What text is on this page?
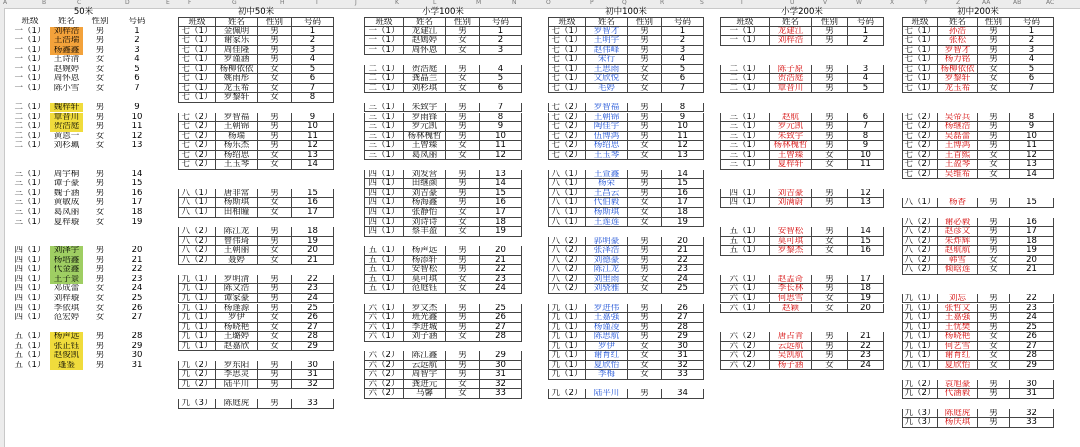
A	B	C	D	E	F	G	H	I	J	K	L	M	N	O	P	Q	R	S	T	U	V	W	X	Y	Z	AA	AB	AC
50米
班级	姓名	性别	号码
一（1） 刘梓浩	男	1
一（1） 王浩瑞	男	2
一（1） 杨鑫鑫	男	3
一（1） 王诗清	女	4
一（1） 赵婉婷	女	5
一（1） 周怀恩	女	6
一（1） 陈小雪	女	7
二（1） 魏梓轩	男	9
二（1） 覃晋川	男	10
二（1） 贺浩庭	男	11
二（1） 黄恩一	女	12
二（1） 刘杉珮	女	13
三（1） 周宇桐	男	14
三（1） 谭子豪	男	15
三（1） 魏子涵	男	16
三（1） 黄敏成	男	17
三（1） 葛凤丽	女	18
三（1） 夏梓璇	女	19
四（1） 刘泽宇	男	20
四（1） 杨培鑫	男	21
四（1） 代金鑫	男	22
四（1） 王子景	男	23
四（1） 邓成蕾	女	24
四（1） 刘梓璇	女	25
四（1） 李依琪	女	26
四（1） 范宏婷	女	27
五（1） 杨声远	男	28
五（1） 张正钰	男	29
五（1） 赵俊凯	男	30
五（1）	蓬鉴	男	31
初中50米
班级	姓名	性别	号码
七（1）	金佩明	男	1
七（1）	谢家乐	男	2
七（1）	周佳隆	男	3
七（1）	罗谨涵	男	4
七（1） 杨柳依依	女	5
七（1）	姚雨彤	女	6
七（1）	龙玉希	女	7
七（1）	罗黎轩	女	8
七（2）	罗智福	男	9
七（2）	王朝锦	男	10
七（2）	杨瑞	男	11
七（2）	杨乐杰	男	12
七（2）	杨绍思	女	13
七（2）	王玉琴	女	14
八（1）	唐非常	男	15
八（1）	杨斯琪	女	16
八（1）	田相瞳	女	17
八（2）	陈江龙	男	18
八（2）	曾伟琦	男	19
八（2）	王朝丽	女	20
八（2）	聂婷	女	21
九（1）	罗明清	男	22
九（1）	陈文浩	男	23
九（1）	谭家豪	男	24
九（1）	杨逢源	男	25
九（1）	罗伊	女	26
九（1）	杨晓艳	女	27
九（1）	王璐婷	女	28
九（1）	赵嘉欣	女	29
九（2）	罗东阳	男	30
九（2）	李思灵	男	31
九（2）	陆平川	男	32
九（3）	陈庭虎	男	33
小学100米
班级	姓名	性别	号码
一（1）	龙建江	男	1
一（1）	赵嫣婷	女	2
一（1）	周怀恩	女	3
二（1）	贺浩庭	男	4
二（1）	龚晶兰	女	5
二（1）	刘杉琪	女	6
三（1）	朱致宇	男	7
三（1）	罗雨锋	男	8
三（1）	罗元凯	男	9
三（1） 杨林槐哲	男	10
三（1）	王曾臻	女	11
三（1）	葛凤丽	女	12
四（1）	刘发营	男	13
四（1）	田继颜	男	14
四（1）	刘吉豪	男	15
四（1）	杨海鑫	男	16
四（1）	张静怡	女	17
四（1）	刘诗诗	女	18
四（1）	蔡丰盈	女	19
五（1）	杨声远	男	20
五（1）	杨添轩	男	21
五（1）	安智松	男	22
五（1）	莫可琪	女	23
五（1）	范庭钰	女	24
六（1）	罗文杰	男	25
六（1）	班光鑫	男	26
六（1）	李进城	男	27
六（1）	刘子涵	女	28
六（2）	陈江鑫	男	29
六（2）	云远航	男	30
六（2）	周智宇	男	31
六（2）	龚进元	女	32
六（2）	马馨	女	33
初中100米
班级	姓名	性别	号码
七（1）	罗智才	男	1
七（1）	王明宇	男	2
七（1）	赵伟峰	男	3
七（1）	宋行	男	4
七（1）	王思雨	女	5
七（1）	文欣悦	女	6
七（1）	毛婷	女	7
七（2）	罗智福	男	8
七（2）	王朝锦	男	9
七（2）	陶佳宇	男	10
七（2）	伍博鸿	男	11
七（2）	杨绍思	女	12
七（2）	王玉琴	女	13
八（1）	王萱鑫	男	14
八（1）	杨荣	男	15
八（1）	王昌云	男	16
八（1）	代伯毅	女	17
八（1）	杨斯琪	女	18
八（1）	王莲莲	女	19
八（2）	郭明豪	男	20
八（2）	张泽浩	男	21
八（2）	刘德豪	男	22
八（2）	陈江龙	男	23
八（2）	刘里雨	女	24
八（2）	刘骁雅	女	25
九（1）	罗进伟	男	26
九（1）	王嘉强	男	27
九（1）	杨谨凌	男	28
九（1）	陈思航	男	29
九（1）	罗伊	女	30
九（1）	谢育红	女	31
九（1）	夏欣怡	女	32
九（1）	李梅	女	33
九（2）	陆平川	男	34
小学200米
班级	姓名	性别	号码
一（1）	龙建江	男	1
一（1）	刘梓浩	男	2
二（1）	陈子原	男	3
二（1）	贺浩庭	男	4
二（1）	覃晋川	男	5
三（1）	赵航	男	6
三（1）	罗元凯	男	7
三（1）	朱致宇	男	8
三（1）	杨林槐哲	男	9
三（1）	王曾臻	女	10
三（1）	夏梓轩	女	11
四（1）	刘吉豪	男	12
四（1）	刘满蔚	男	13
五（1）	安智松	男	14
五（1）	莫可琪	女	15
五（1）	罗黎杰	女	16
六（1）	赵孟奇	男	17
六（1）	李长林	男	18
六（1）	何思雪	女	19
六（1）	赵颖	女	20
六（2）	唐占青	男	21
六（2）	云远航	男	22
六（2）	吴凯航	男	23
六（2）	杨子涵	女	24
初中200米
班级	姓名	性别	号码
七（1）	孙浩	男	1
七（1）	张松	男	2
七（1）	罗智才	男	3
七（1）	杨力铭	男	4
七（1） 杨柳依依	女	5
七（1）	罗黎轩	女	6
七（1）	龙玉希	女	7
七（2）	吴帝兵	男	8
七（2）	杨继浩	男	9
七（2）	吴磊蕾	男	10
七（2）	王博鸿	男	11
七（2）	王首熙	女	12
七（2）	王盈琴	女	13
七（2）	吴维希	女	14
八（1）	杨香	男	15
八（2）	谢必毅	男	16
八（2）	赵彦文	男	17
八（2）	朱炸辉	男	18
八（2）	赵航航	男	19
八（2）	韩雪	女	20
八（2）	倾晗莲	女	21
九（1）	刘忘	男	22
九（1）	张哲文	男	23
九（1）	王嘉强	男	24
九（1）	王忧樊	男	25
九（1）	杨晓艳	女	26
九（1）	何艺雪	女	27
九（1）	谢育红	女	28
九（1）	夏欣怡	女	29
九（2）	袁旭豪	男	30
九（2）	代涵毅	男	31
九（3）	陈庭虎	男	32
九（3）	杨庆琪	男	33
